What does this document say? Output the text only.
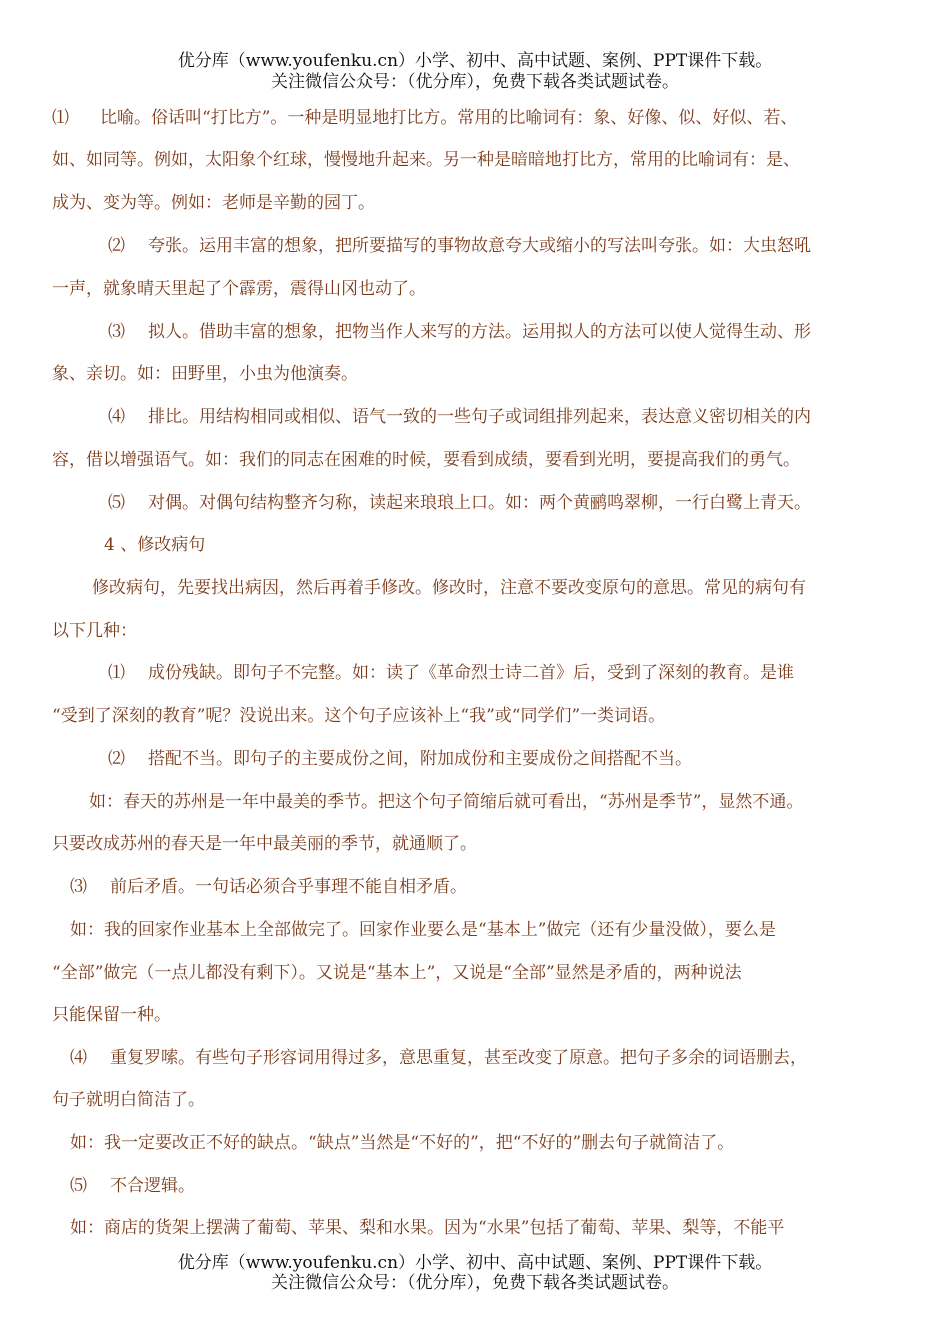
优分库（www.youfenku.cn）小学、初中、高中试题、案例、PPT课件下载。
关注微信公众号：（优分库），免费下载各类试题试卷。
⑴ 比喻。俗话叫“打比方”。一种是明显地打比方。常用的比喻词有：象、好像、似、好似、若、
如、如同等。例如，太阳象个红球，慢慢地升起来。另一种是暗暗地打比方，常用的比喻词有：是、
成为、变为等。例如：老师是辛勤的园丁。
⑵ 夸张。运用丰富的想象，把所要描写的事物故意夸大或缩小的写法叫夸张。如：大虫怒吼
一声，就象晴天里起了个霹雳，震得山冈也动了。
⑶ 拟人。借助丰富的想象，把物当作人来写的方法。运用拟人的方法可以使人觉得生动、形
象、亲切。如：田野里，小虫为他演奏。
⑷ 排比。用结构相同或相似、语气一致的一些句子或词组排列起来，表达意义密切相关的内
容，借以增强语气。如：我们的同志在困难的时候，要看到成绩，要看到光明，要提高我们的勇气。
⑸ 对偶。对偶句结构整齐匀称，读起来琅琅上口。如：两个黄鹂鸣翠柳，一行白鹭上青天。
4 、修改病句
修改病句，先要找出病因，然后再着手修改。修改时，注意不要改变原句的意思。常见的病句有
以下几种：
⑴ 成份残缺。即句子不完整。如：读了《革命烈士诗二首》后，受到了深刻的教育。是谁
“受到了深刻的教育”呢？没说出来。这个句子应该补上“我”或“同学们”一类词语。
⑵ 搭配不当。即句子的主要成份之间，附加成份和主要成份之间搭配不当。
如：春天的苏州是一年中最美的季节。把这个句子简缩后就可看出，“苏州是季节”，显然不通。
只要改成苏州的春天是一年中最美丽的季节，就通顺了。
⑶ 前后矛盾。一句话必须合乎事理不能自相矛盾。
如：我的回家作业基本上全部做完了。回家作业要么是“基本上”做完（还有少量没做），要么是
“全部”做完（一点儿都没有剩下）。又说是“基本上”，又说是“全部”显然是矛盾的，两种说法
只能保留一种。
⑷ 重复罗嗦。有些句子形容词用得过多，意思重复，甚至改变了原意。把句子多余的词语删去，
句子就明白简洁了。
如：我一定要改正不好的缺点。“缺点”当然是“不好的”，把“不好的”删去句子就简洁了。
⑸ 不合逻辑。
如：商店的货架上摆满了葡萄、苹果、梨和水果。因为“水果”包括了葡萄、苹果、梨等，不能平
优分库（www.youfenku.cn）小学、初中、高中试题、案例、PPT课件下载。
关注微信公众号：（优分库），免费下载各类试题试卷。
